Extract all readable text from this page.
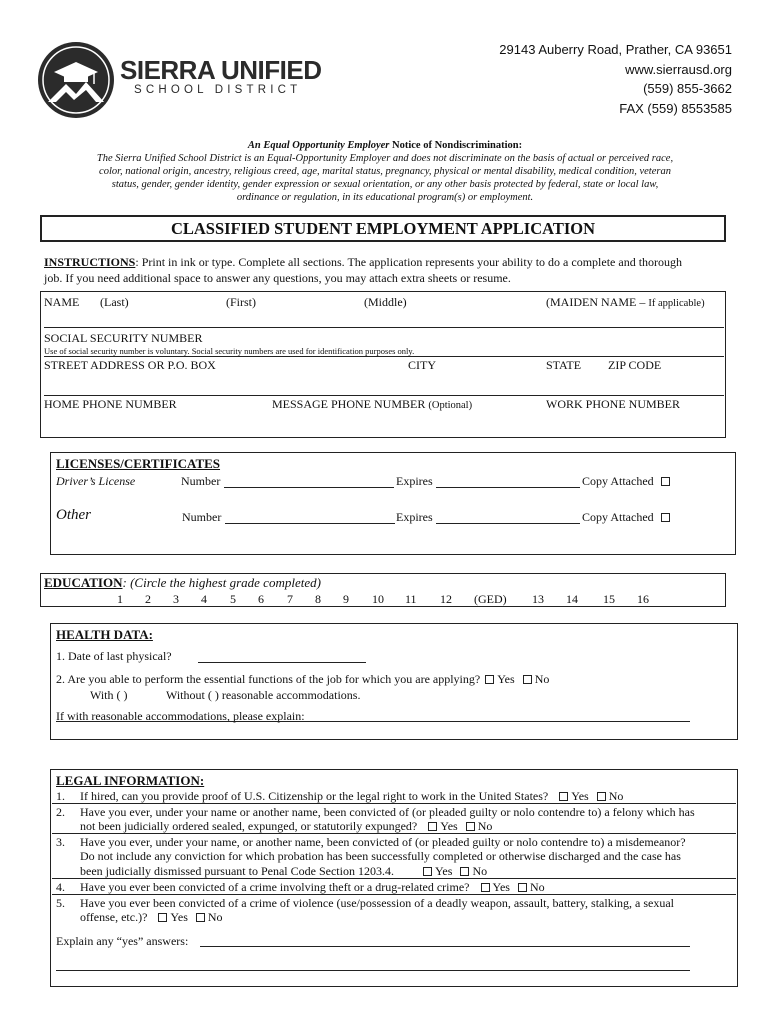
SIERRA UNIFIED
SCHOOL DISTRICT
29143 Auberry Road, Prather, CA 93651
www.sierrausd.org
(559) 855-3662
FAX (559) 8553585
An Equal Opportunity Employer Notice of Nondiscrimination:
The Sierra Unified School District is an Equal-Opportunity Employer and does not discriminate on the basis of actual or perceived race,
color, national origin, ancestry, religious creed, age, marital status, pregnancy, physical or mental disability, medical condition, veteran
status, gender, gender identity, gender expression or sexual orientation, or any other basis protected by federal, state or local law,
ordinance or regulation, in its educational program(s) or employment.
CLASSIFIED STUDENT EMPLOYMENT APPLICATION
INSTRUCTIONS: Print in ink or type. Complete all sections. The application represents your ability to do a complete and thorough
job. If you need additional space to answer any questions, you may attach extra sheets or resume.
NAME (Last)	(First)	(Middle)	(MAIDEN NAME – If applicable)
SOCIAL SECURITY NUMBER
Use of social security number is voluntary. Social security numbers are used for identification purposes only.
STREET ADDRESS OR P.O. BOX	CITY	STATE ZIP CODE
HOME PHONE NUMBER	MESSAGE PHONE NUMBER (Optional)	WORK PHONE NUMBER
LICENSES/CERTIFICATES
Driver’s License	Number	Expires	Copy Attached
Other	Number	Expires	Copy Attached
EDUCATION: (Circle the highest grade completed)
1 2 3 4 5 6 7 8 9 10 11 12 (GED) 13 14 15 16
HEALTH DATA:
1. Date of last physical?
2. Are you able to perform the essential functions of the job for which you are applying? Yes No
With ( )	Without ( ) reasonable accommodations.
If with reasonable accommodations, please explain:
LEGAL INFORMATION:
1. If hired, can you provide proof of U.S. Citizenship or the legal right to work in the United States? Yes No
2. Have you ever, under your name or another name, been convicted of (or pleaded guilty or nolo contendre to) a felony which has
not been judicially ordered sealed, expunged, or statutorily expunged? Yes No
3. Have you ever, under your name, or another name, been convicted of (or pleaded guilty or nolo contendre to) a misdemeanor?
Do not include any conviction for which probation has been successfully completed or otherwise discharged and the case has
been judicially dismissed pursuant to Penal Code Section 1203.4.	Yes No
4. Have you ever been convicted of a crime involving theft or a drug-related crime? Yes No
5. Have you ever been convicted of a crime of violence (use/possession of a deadly weapon, assault, battery, stalking, a sexual
offense, etc.)? Yes No
Explain any “yes” answers:
